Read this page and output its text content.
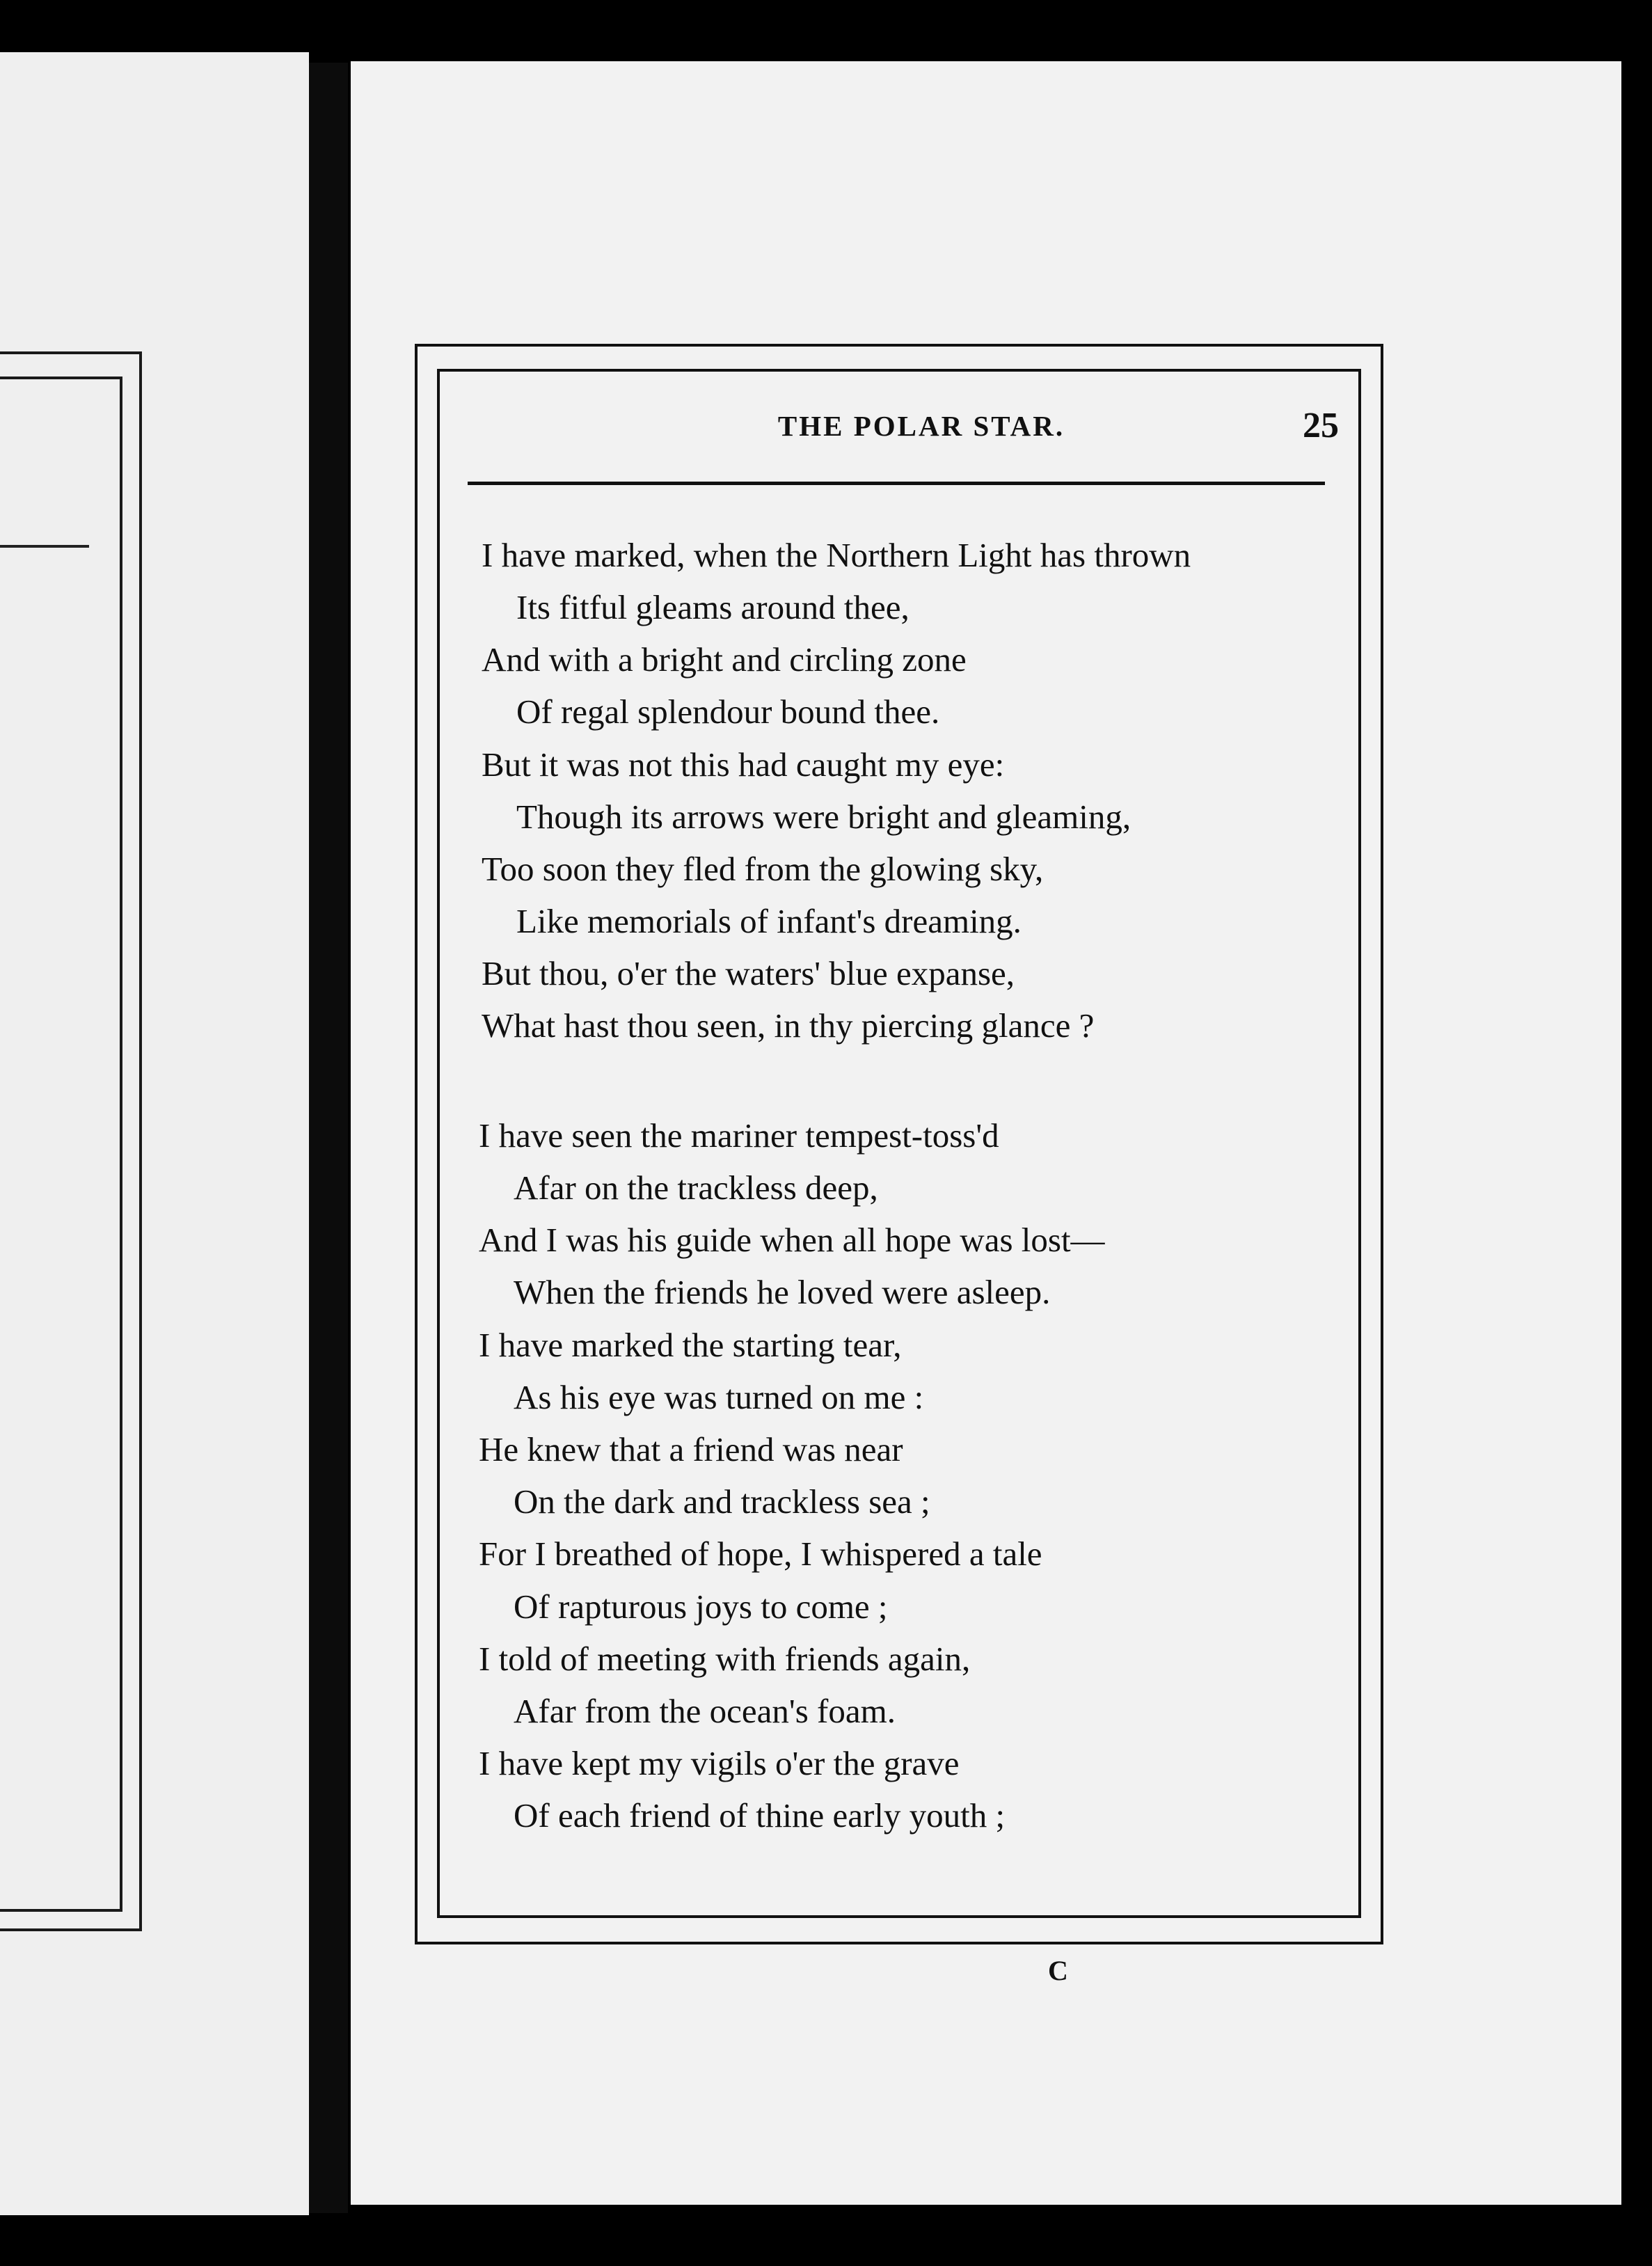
THE POLAR STAR.	25
I have marked, when the Northern Light has thrown
Its fitful gleams around thee,
And with a bright and circling zone
Of regal splendour bound thee.
But it was not this had caught my eye:
Though its arrows were bright and gleaming,
Too soon they fled from the glowing sky,
Like memorials of infant's dreaming.
But thou, o'er the waters' blue expanse,
What hast thou seen, in thy piercing glance ?
I have seen the mariner tempest-toss'd
Afar on the trackless deep,
And I was his guide when all hope was lost—
When the friends he loved were asleep.
I have marked the starting tear,
As his eye was turned on me :
He knew that a friend was near
On the dark and trackless sea ;
For I breathed of hope, I whispered a tale
Of rapturous joys to come ;
I told of meeting with friends again,
Afar from the ocean's foam.
I have kept my vigils o'er the grave
Of each friend of thine early youth ;
C
